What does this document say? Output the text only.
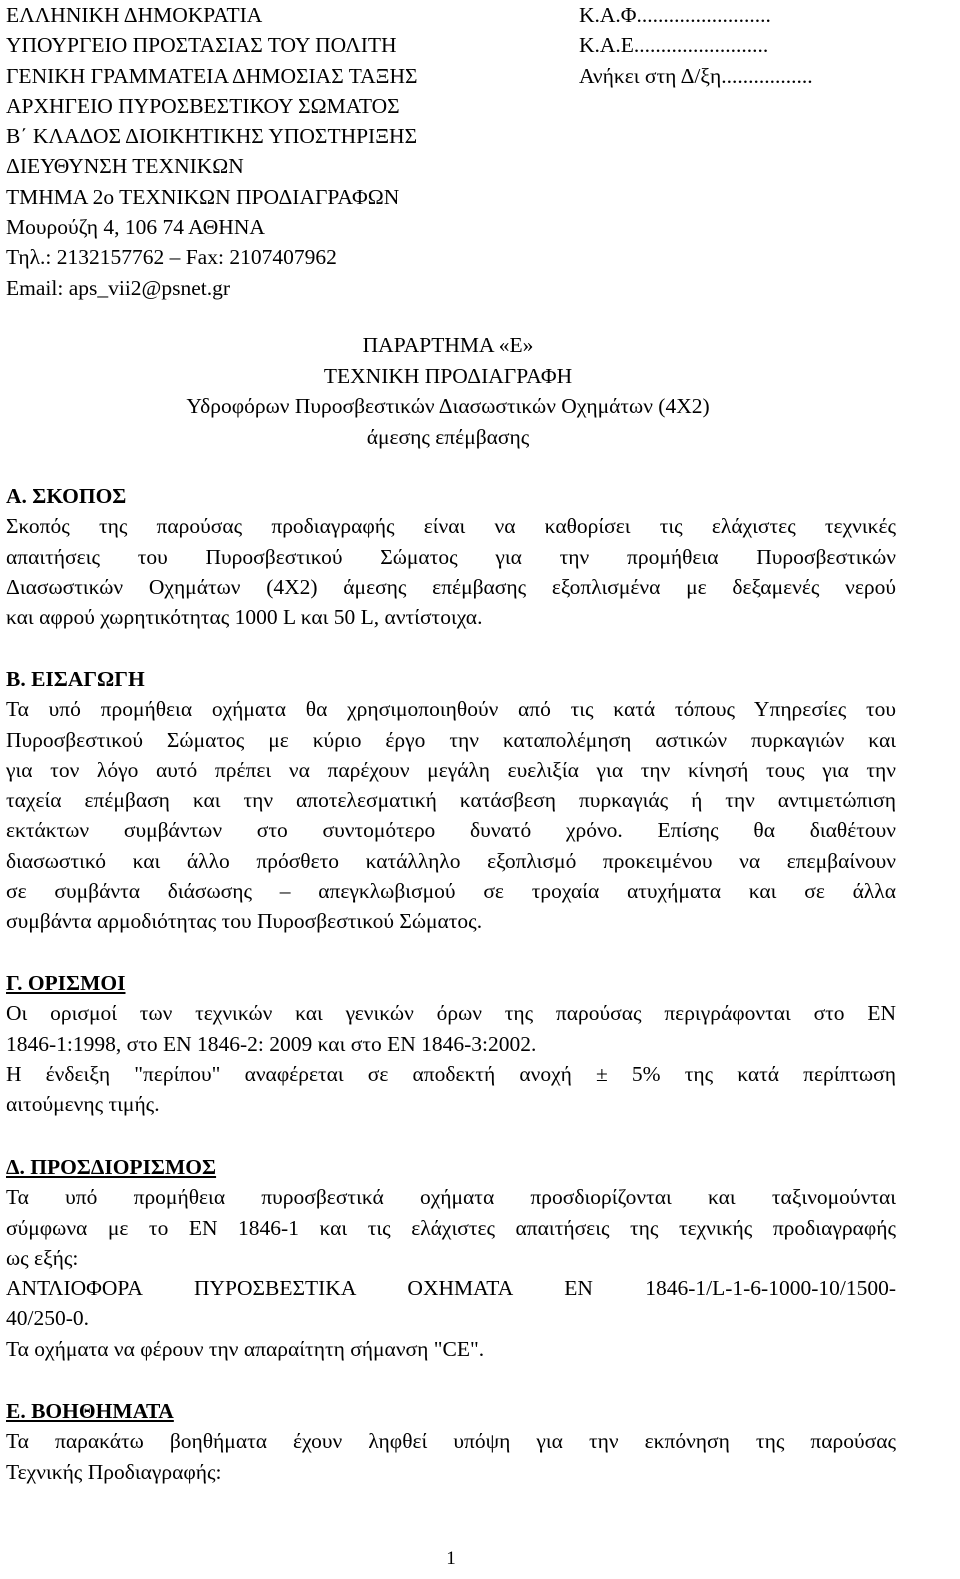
ΕΛΛΗΝΙΚΗ ΔΗΜΟΚΡΑΤΙΑ
ΥΠΟΥΡΓΕΙΟ ΠΡΟΣΤΑΣΙΑΣ ΤΟΥ ΠΟΛΙΤΗ
ΓΕΝΙΚΗ ΓΡΑΜΜΑΤΕΙΑ ΔΗΜΟΣΙΑΣ ΤΑΞΗΣ
ΑΡΧΗΓΕΙΟ ΠΥΡΟΣΒΕΣΤΙΚΟΥ ΣΩΜΑΤΟΣ
Β΄ ΚΛΑΔΟΣ ΔΙΟΙΚΗΤΙΚΗΣ ΥΠΟΣΤΗΡΙΞΗΣ
ΔΙΕΥΘΥΝΣΗ ΤΕΧΝΙΚΩΝ
ΤΜΗΜΑ 2ο ΤΕΧΝΙΚΩΝ ΠΡΟΔΙΑΓΡΑΦΩΝ
Μουρούζη 4, 106 74 ΑΘΗΝΑ
Τηλ.: 2132157762 – Fax: 2107407962
Email: aps_vii2@psnet.gr
Κ.Α.Φ.........................
Κ.Α.Ε.........................
Ανήκει στη Δ/ξη.................
ΠΑΡΑΡΤΗΜΑ «Ε»
ΤΕΧΝΙΚΗ ΠΡΟΔΙΑΓΡΑΦΗ
Υδροφόρων Πυροσβεστικών Διασωστικών Οχημάτων (4Χ2)
άμεσης επέμβασης
Α. ΣΚΟΠΟΣ
Σκοπός της παρούσας προδιαγραφής είναι να καθορίσει τις ελάχιστες τεχνικές
απαιτήσεις του Πυροσβεστικού Σώματος για την προμήθεια Πυροσβεστικών
Διασωστικών Οχημάτων (4Χ2) άμεσης επέμβασης εξοπλισμένα με δεξαμενές νερού
και αφρού χωρητικότητας 1000 L και 50 L, αντίστοιχα.
Β. ΕΙΣΑΓΩΓΗ
Τα υπό προμήθεια οχήματα θα χρησιμοποιηθούν από τις κατά τόπους Υπηρεσίες του
Πυροσβεστικού Σώματος με κύριο έργο την καταπολέμηση αστικών πυρκαγιών και
για τον λόγο αυτό πρέπει να παρέχουν μεγάλη ευελιξία για την κίνησή τους για την
ταχεία επέμβαση και την αποτελεσματική κατάσβεση πυρκαγιάς ή την αντιμετώπιση
εκτάκτων συμβάντων στο συντομότερο δυνατό χρόνο. Επίσης θα διαθέτουν
διασωστικό και άλλο πρόσθετο κατάλληλο εξοπλισμό προκειμένου να επεμβαίνουν
σε συμβάντα διάσωσης – απεγκλωβισμού σε τροχαία ατυχήματα και σε άλλα
συμβάντα αρμοδιότητας του Πυροσβεστικού Σώματος.
Γ. ΟΡΙΣΜΟΙ
Οι ορισμοί των τεχνικών και γενικών όρων της παρούσας περιγράφονται στο ΕΝ
1846-1:1998, στο ΕΝ 1846-2: 2009 και στο ΕΝ 1846-3:2002.
Η ένδειξη "περίπου" αναφέρεται σε αποδεκτή ανοχή ± 5% της κατά περίπτωση
αιτούμενης τιμής.
Δ. ΠΡΟΣΔΙΟΡΙΣΜΟΣ
Τα υπό προμήθεια πυροσβεστικά οχήματα προσδιορίζονται και ταξινομούνται
σύμφωνα με το ΕΝ 1846-1 και τις ελάχιστες απαιτήσεις της τεχνικής προδιαγραφής
ως εξής:
ΑΝΤΛΙΟΦΟΡΑ ΠΥΡΟΣΒΕΣΤΙΚΑ ΟΧΗΜΑΤΑ ΕΝ 1846-1/L-1-6-1000-10/1500-
40/250-0.
Τα οχήματα να φέρουν την απαραίτητη σήμανση "CE".
Ε. ΒΟΗΘΗΜΑΤΑ
Τα παρακάτω βοηθήματα έχουν ληφθεί υπόψη για την εκπόνηση της παρούσας
Τεχνικής Προδιαγραφής:
1
